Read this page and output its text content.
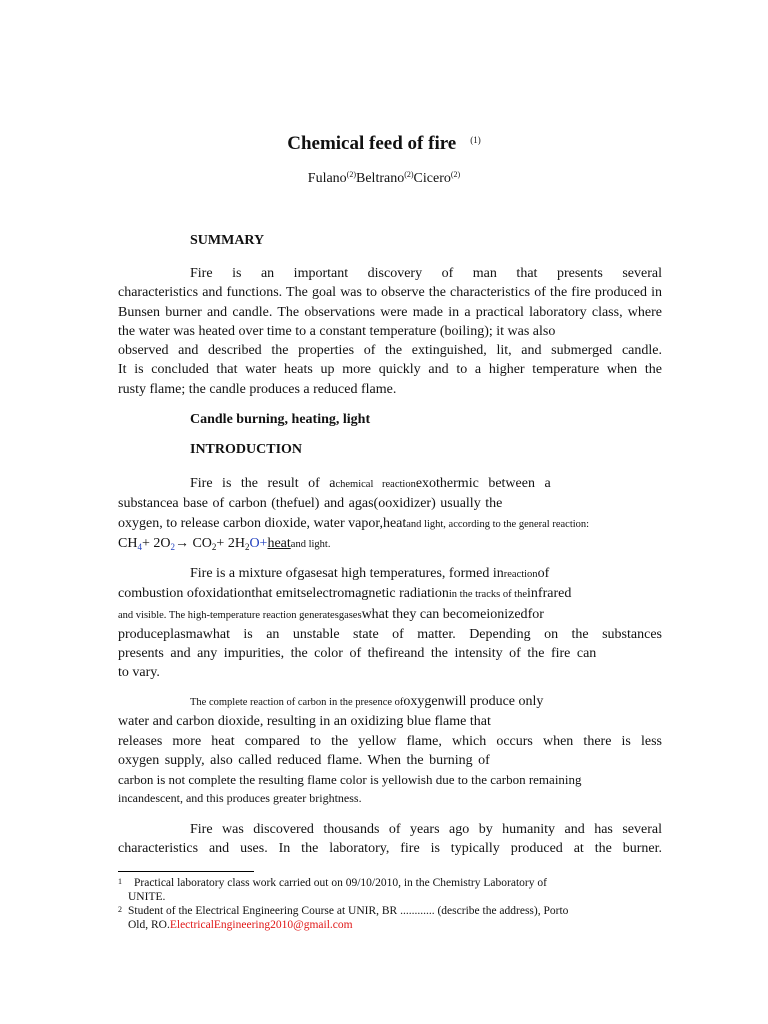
Chemical feed of fire $^{(1)}$
Fulano$^{(2)}$Beltrano$^{(2)}$Cicero$^{(2)}$
SUMMARY
Fire is an important discovery of man that presents several
characteristics and functions. The goal was to observe the characteristics of the fire produced in
Bunsen burner and candle. The observations were made in a practical laboratory class, where
the water was heated over time to a constant temperature (boiling); it was also
observed and described the properties of the extinguished, lit, and submerged candle.
It is concluded that water heats up more quickly and to a higher temperature when the
rusty flame; the candle produces a reduced flame.
Candle burning, heating, light
INTRODUCTION
Fire is the result of achemical reactionexothermic between a
substancea base of carbon (thefuel) and agas(ooxidizer) usually the
oxygen, to release carbon dioxide, water vapor,heatand light, according to the general reaction:
$CH_4+ 2O_2\to CO_2+ 2H_2O+heatand$ light.
Fire is a mixture ofgasesat high temperatures, formed inreactionof
combustion ofoxidationthat emitselectromagnetic radiationin the tracks of theinfrared
and visible. The high-temperature reaction generatesgaseswhat they can becomeionizedfor
produceplasmawhat is an unstable state of matter. Depending on the substances
presents and any impurities, the color of thefireand the intensity of the fire can
to vary.
The complete reaction of carbon in the presence ofoxygenwill produce only
water and carbon dioxide, resulting in an oxidizing blue flame that
releases more heat compared to the yellow flame, which occurs when there is less
oxygen supply, also called reduced flame. When the burning of
carbon is not complete the resulting flame color is yellowish due to the carbon remaining
incandescent, and this produces greater brightness.
Fire was discovered thousands of years ago by humanity and has several
characteristics and uses. In the laboratory, fire is typically produced at the burner.
1	Practical laboratory class work carried out on 09/10/2010, in the Chemistry Laboratory of
UNITE.
2 Student of the Electrical Engineering Course at UNIR, BR ............ (describe the address), Porto
Old, RO.ElectricalEngineering2010@gmail.com
